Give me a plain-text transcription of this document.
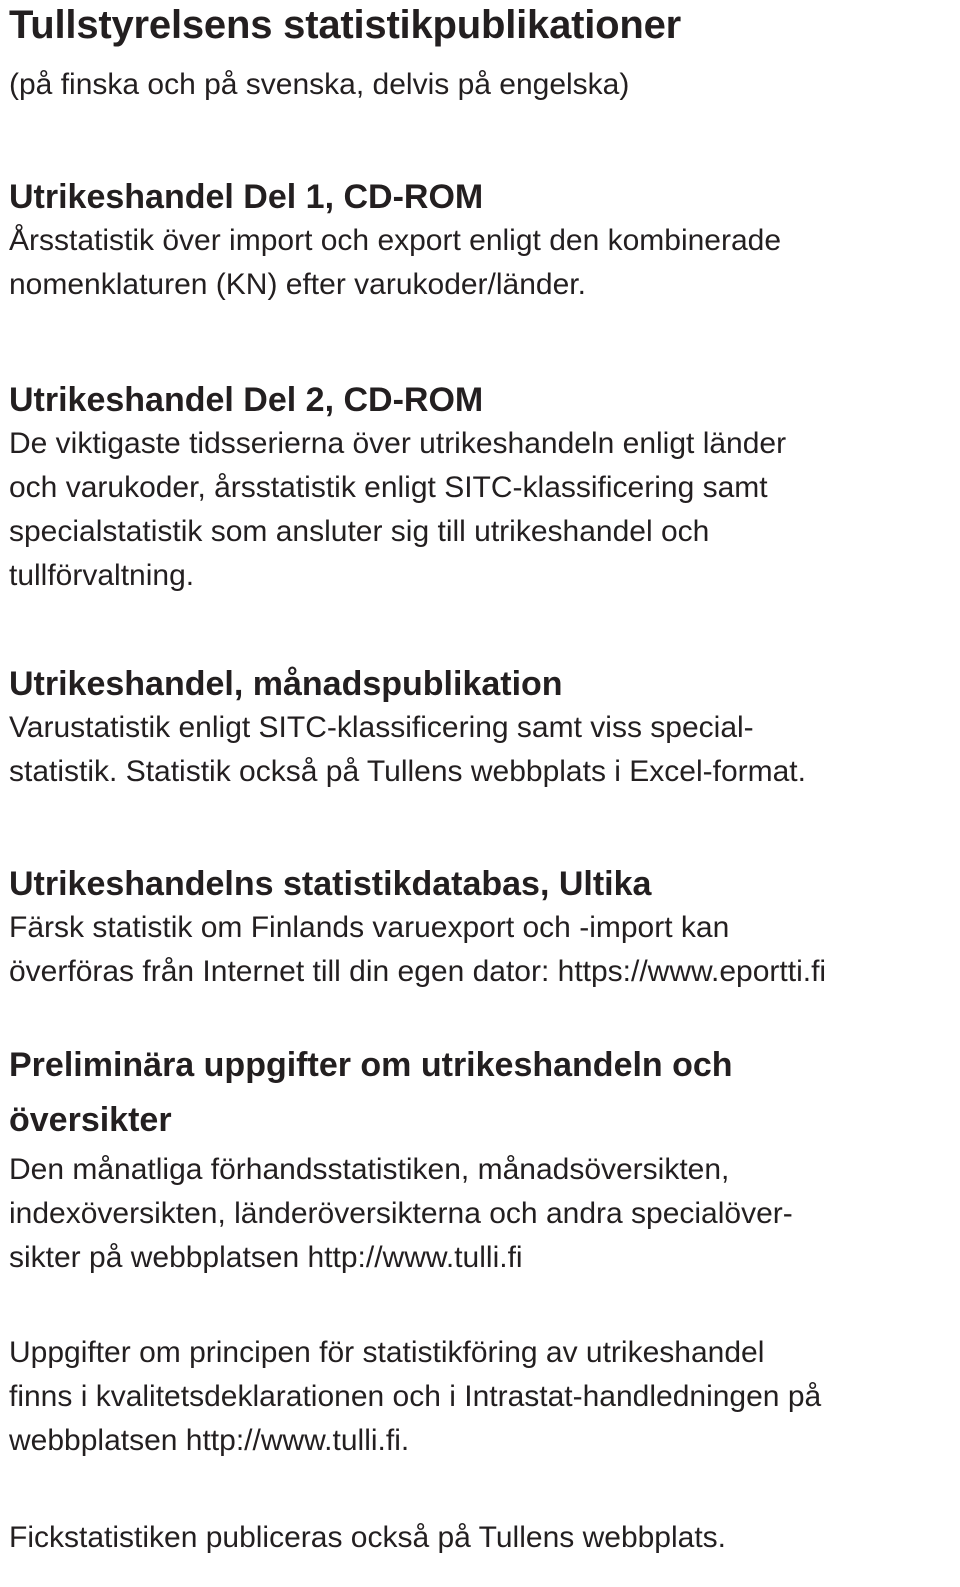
Tullstyrelsens statistikpublikationer

(på finska och på svenska, delvis på engelska)

Utrikeshandel Del 1, CD-ROM

Årsstatistik över import och export enligt den kombinerade
nomenklaturen (KN) efter varukoder/länder.

Utrikeshandel Del 2, CD-ROM

De viktigaste tidsserierna över utrikeshandeln enligt länder
och varukoder, årsstatistik enligt SITC-klassificering samt
specialstatistik som ansluter sig till utrikeshandel och
tullförvaltning.

Utrikeshandel, månadspublikation

Varustatistik enligt SITC-klassificering samt viss special-
statistik. Statistik också på Tullens webbplats i Excel-format.

Utrikeshandelns statistikdatabas, Ultika

Färsk statistik om Finlands varuexport och -import kan
överföras från Internet till din egen dator: https://www.eportti.fi

Preliminära uppgifter om utrikeshandeln och
översikter

Den månatliga förhandsstatistiken, månadsöversikten,
indexöversikten, länderöversikterna och andra specialöver-
sikter på webbplatsen http://www.tulli.fi

Uppgifter om principen för statistikföring av utrikeshandel
finns i kvalitetsdeklarationen och i Intrastat-handledningen på
webbplatsen http://www.tulli.fi.

Fickstatistiken publiceras också på Tullens webbplats.
